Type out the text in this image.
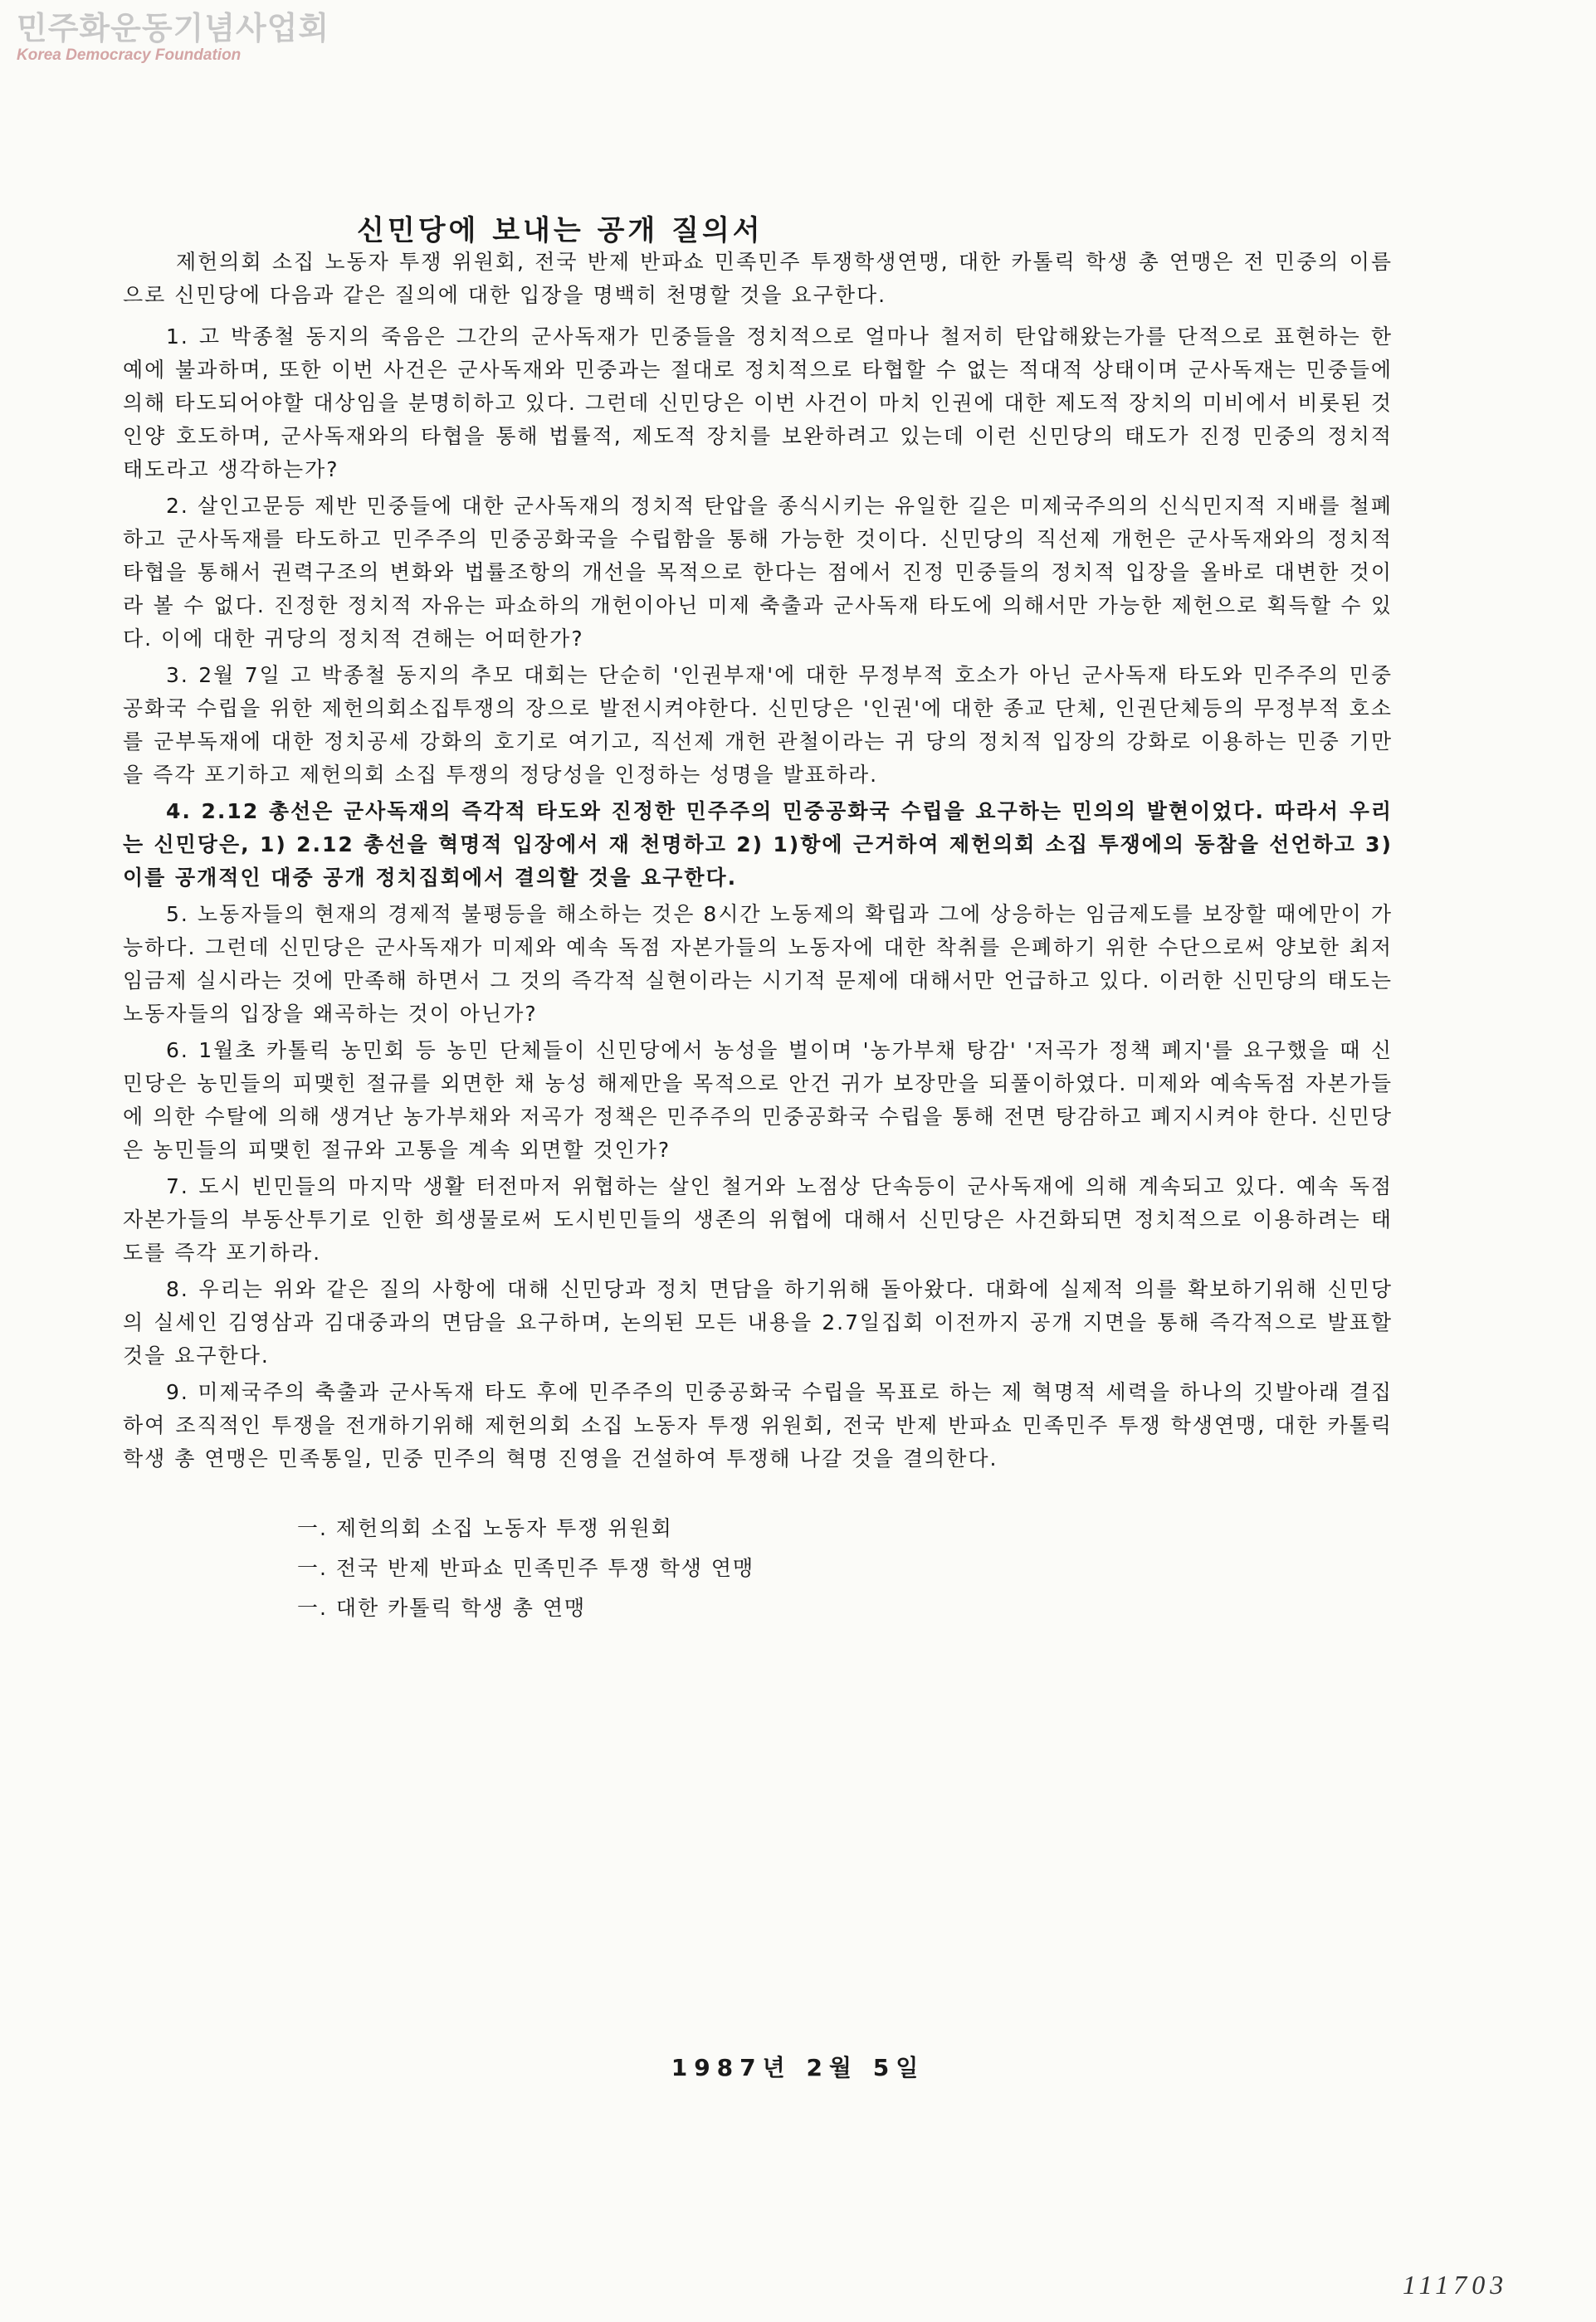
민주화운동기념사업회
Korea Democracy Foundation
신민당에 보내는 공개 질의서

제헌의회 소집 노동자 투쟁 위원회, 전국 반제 반파쇼 민족민주 투쟁학생연맹, 대한 카톨릭 학생 총 연맹은 전 민중의 이름으로 신민당에 다음과 같은 질의에 대한 입장을 명백히 천명할 것을 요구한다.

1. 고 박종철 동지의 죽음은 그간의 군사독재가 민중들을 정치적으로 얼마나 철저히 탄압해왔는가를 단적으로 표현하는 한 예에 불과하며, 또한 이번 사건은 군사독재와 민중과는 절대로 정치적으로 타협할 수 없는 적대적 상태이며 군사독재는 민중들에 의해 타도되어야할 대상임을 분명히하고 있다. 그런데 신민당은 이번 사건이 마치 인권에 대한 제도적 장치의 미비에서 비롯된 것인양 호도하며, 군사독재와의 타협을 통해 법률적, 제도적 장치를 보완하려고 있는데 이런 신민당의 태도가 진정 민중의 정치적 태도라고 생각하는가?

2. 살인고문등 제반 민중들에 대한 군사독재의 정치적 탄압을 종식시키는 유일한 길은 미제국주의의 신식민지적 지배를 철폐하고 군사독재를 타도하고 민주주의 민중공화국을 수립함을 통해 가능한 것이다. 신민당의 직선제 개헌은 군사독재와의 정치적 타협을 통해서 권력구조의 변화와 법률조항의 개선을 목적으로 한다는 점에서 진정 민중들의 정치적 입장을 올바로 대변한 것이라 볼 수 없다. 진정한 정치적 자유는 파쇼하의 개헌이아닌 미제 축출과 군사독재 타도에 의해서만 가능한 제헌으로 획득할 수 있다. 이에 대한 귀당의 정치적 견해는 어떠한가?

3. 2월 7일 고 박종철 동지의 추모 대회는 단순히 '인권부재'에 대한 무정부적 호소가 아닌 군사독재 타도와 민주주의 민중공화국 수립을 위한 제헌의회소집투쟁의 장으로 발전시켜야한다. 신민당은 '인권'에 대한 종교 단체, 인권단체등의 무정부적 호소를 군부독재에 대한 정치공세 강화의 호기로 여기고, 직선제 개헌 관철이라는 귀 당의 정치적 입장의 강화로 이용하는 민중 기만을 즉각 포기하고 제헌의회 소집 투쟁의 정당성을 인정하는 성명을 발표하라.

4. 2.12 총선은 군사독재의 즉각적 타도와 진정한 민주주의 민중공화국 수립을 요구하는 민의의 발현이었다. 따라서 우리는 신민당은, 1) 2.12 총선을 혁명적 입장에서 재 천명하고 2) 1)항에 근거하여 제헌의회 소집 투쟁에의 동참을 선언하고 3) 이를 공개적인 대중 공개 정치집회에서 결의할 것을 요구한다.

5. 노동자들의 현재의 경제적 불평등을 해소하는 것은 8시간 노동제의 확립과 그에 상응하는 임금제도를 보장할 때에만이 가능하다. 그런데 신민당은 군사독재가 미제와 예속 독점 자본가들의 노동자에 대한 착취를 은폐하기 위한 수단으로써 양보한 최저임금제 실시라는 것에 만족해 하면서 그 것의 즉각적 실현이라는 시기적 문제에 대해서만 언급하고 있다. 이러한 신민당의 태도는 노동자들의 입장을 왜곡하는 것이 아닌가?

6. 1월초 카톨릭 농민회 등 농민 단체들이 신민당에서 농성을 벌이며 '농가부채 탕감' '저곡가 정책 폐지'를 요구했을 때 신민당은 농민들의 피맺힌 절규를 외면한 채 농성 해제만을 목적으로 안건 귀가 보장만을 되풀이하였다. 미제와 예속독점 자본가들에 의한 수탈에 의해 생겨난 농가부채와 저곡가 정책은 민주주의 민중공화국 수립을 통해 전면 탕감하고 폐지시켜야 한다. 신민당은 농민들의 피맺힌 절규와 고통을 계속 외면할 것인가?

7. 도시 빈민들의 마지막 생활 터전마저 위협하는 살인 철거와 노점상 단속등이 군사독재에 의해 계속되고 있다. 예속 독점 자본가들의 부동산투기로 인한 희생물로써 도시빈민들의 생존의 위협에 대해서 신민당은 사건화되면 정치적으로 이용하려는 태도를 즉각 포기하라.

8. 우리는 위와 같은 질의 사항에 대해 신민당과 정치 면담을 하기위해 돌아왔다. 대화에 실제적 의를 확보하기위해 신민당의 실세인 김영삼과 김대중과의 면담을 요구하며, 논의된 모든 내용을 2.7일집회 이전까지 공개 지면을 통해 즉각적으로 발표할 것을 요구한다.

9. 미제국주의 축출과 군사독재 타도 후에 민주주의 민중공화국 수립을 목표로 하는 제 혁명적 세력을 하나의 깃발아래 결집하여 조직적인 투쟁을 전개하기위해 제헌의회 소집 노동자 투쟁 위원회, 전국 반제 반파쇼 민족민주 투쟁 학생연맹, 대한 카톨릭 학생 총 연맹은 민족통일, 민중 민주의 혁명 진영을 건설하여 투쟁해 나갈 것을 결의한다.

一. 제헌의회 소집 노동자 투쟁 위원회
一. 전국 반제 반파쇼 민족민주 투쟁 학생 연맹
一. 대한 카톨릭 학생 총 연맹
1987년 2월 5일
111703
